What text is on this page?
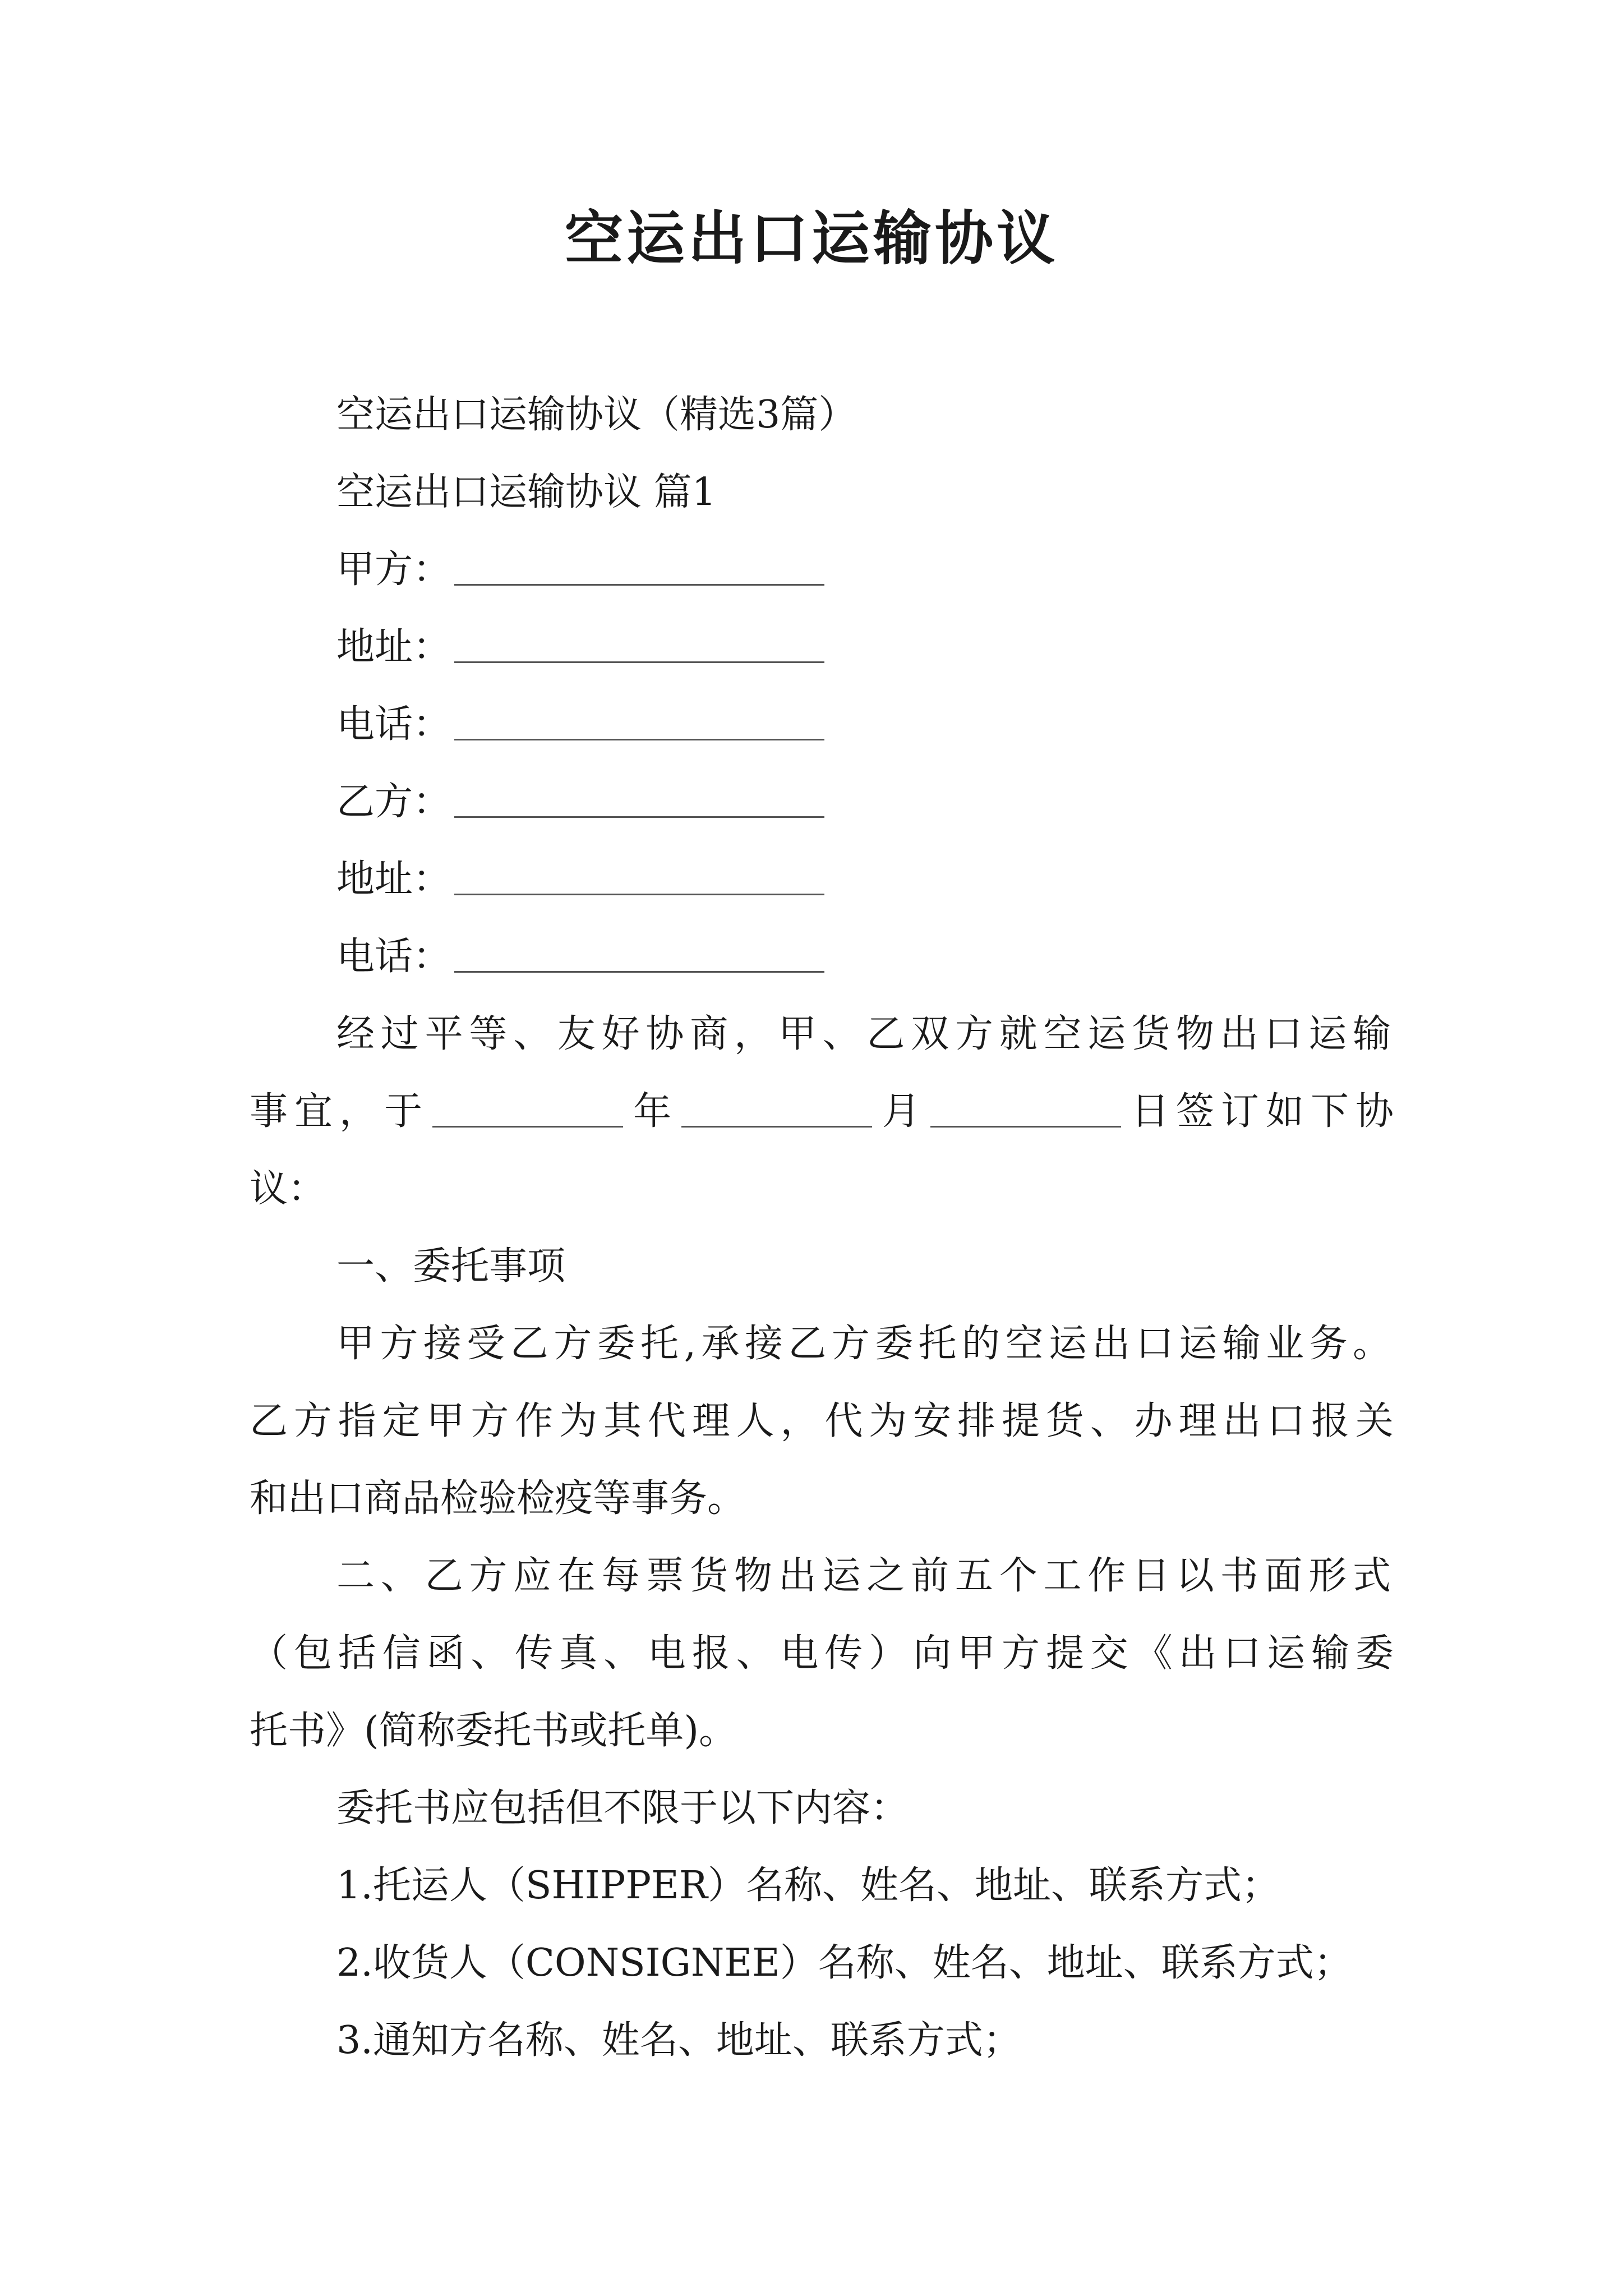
空运出口运输协议
空运出口运输协议（精选3篇）
空运出口运输协议 篇1
甲方：
地址：
电话：
乙方：
地址：
电话：
经过平等、友好协商，甲、乙双方就空运货物出口运输
事宜，于	年	月	日签订如下协
议：
一、委托事项
甲方接受乙方委托,承接乙方委托的空运出口运输业务。
乙方指定甲方作为其代理人，代为安排提货、办理出口报关
和出口商品检验检疫等事务。
二、乙方应在每票货物出运之前五个工作日以书面形式
（包括信函、传真、电报、电传）向甲方提交《出口运输委
托书》(简称委托书或托单)。
委托书应包括但不限于以下内容：
1.托运人（SHIPPER）名称、姓名、地址、联系方式；
2.收货人（CONSIGNEE）名称、姓名、地址、联系方式；
3.通知方名称、姓名、地址、联系方式；
